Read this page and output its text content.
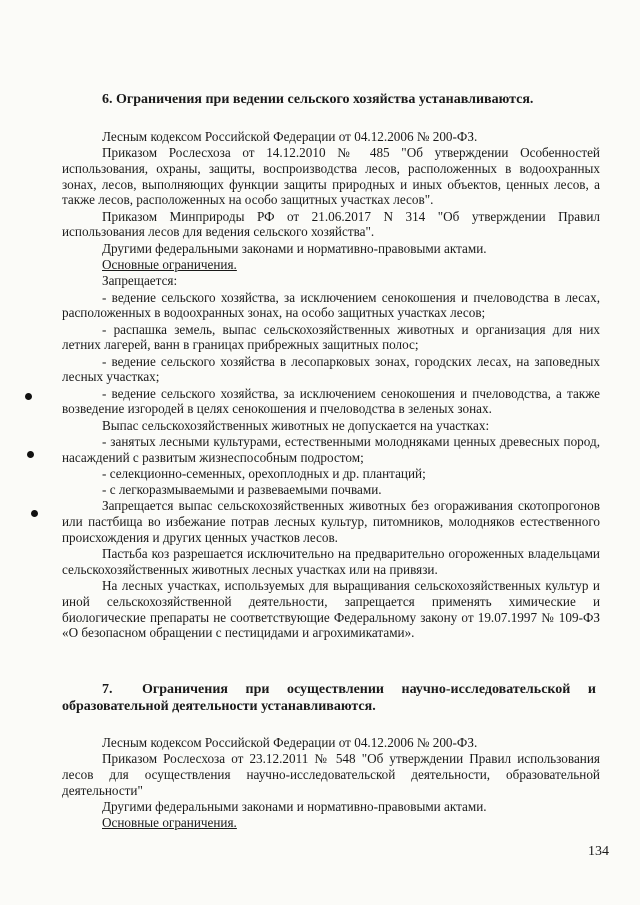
6. Ограничения при ведении сельского хозяйства устанавливаются.

Лесным кодексом Российской Федерации от 04.12.2006 № 200-ФЗ.

Приказом Рослесхоза от 14.12.2010 № 485 "Об утверждении Особенностей использования, охраны, защиты, воспроизводства лесов, расположенных в водоохранных зонах, лесов, выполняющих функции защиты природных и иных объектов, ценных лесов, а также лесов, расположенных на особо защитных участках лесов".

Приказом Минприроды РФ от 21.06.2017 N 314 "Об утверждении Правил использования лесов для ведения сельского хозяйства".

Другими федеральными законами и нормативно-правовыми актами.

Основные ограничения.

Запрещается:

- ведение сельского хозяйства, за исключением сенокошения и пчеловодства в лесах, расположенных в водоохранных зонах, на особо защитных участках лесов;

- распашка земель, выпас сельскохозяйственных животных и организация для них летних лагерей, ванн в границах прибрежных защитных полос;

- ведение сельского хозяйства в лесопарковых зонах, городских лесах, на заповедных лесных участках;

- ведение сельского хозяйства, за исключением сенокошения и пчеловодства, а также возведение изгородей в целях сенокошения и пчеловодства в зеленых зонах.

Выпас сельскохозяйственных животных не допускается на участках:

- занятых лесными культурами, естественными молодняками ценных древесных пород, насаждений с развитым жизнеспособным подростом;

- селекционно-семенных, орехоплодных и др. плантаций;

- с легкоразмываемыми и развеваемыми почвами.

Запрещается выпас сельскохозяйственных животных без огораживания скотопрогонов или пастбища во избежание потрав лесных культур, питомников, молодняков естественного происхождения и других ценных участков лесов.

Пастьба коз разрешается исключительно на предварительно огороженных владельцами сельскохозяйственных животных лесных участках или на привязи.

На лесных участках, используемых для выращивания сельскохозяйственных культур и иной сельскохозяйственной деятельности, запрещается применять химические и биологические препараты не соответствующие Федеральному закону от 19.07.1997 № 109-ФЗ «О безопасном обращении с пестицидами и агрохимикатами».

7. Ограничения при осуществлении научно-исследовательской и образовательной деятельности устанавливаются.

Лесным кодексом Российской Федерации от 04.12.2006 № 200-ФЗ.

Приказом Рослесхоза от 23.12.2011 № 548 "Об утверждении Правил использования лесов для осуществления научно-исследовательской деятельности, образовательной деятельности"

Другими федеральными законами и нормативно-правовыми актами.

Основные ограничения.

134
